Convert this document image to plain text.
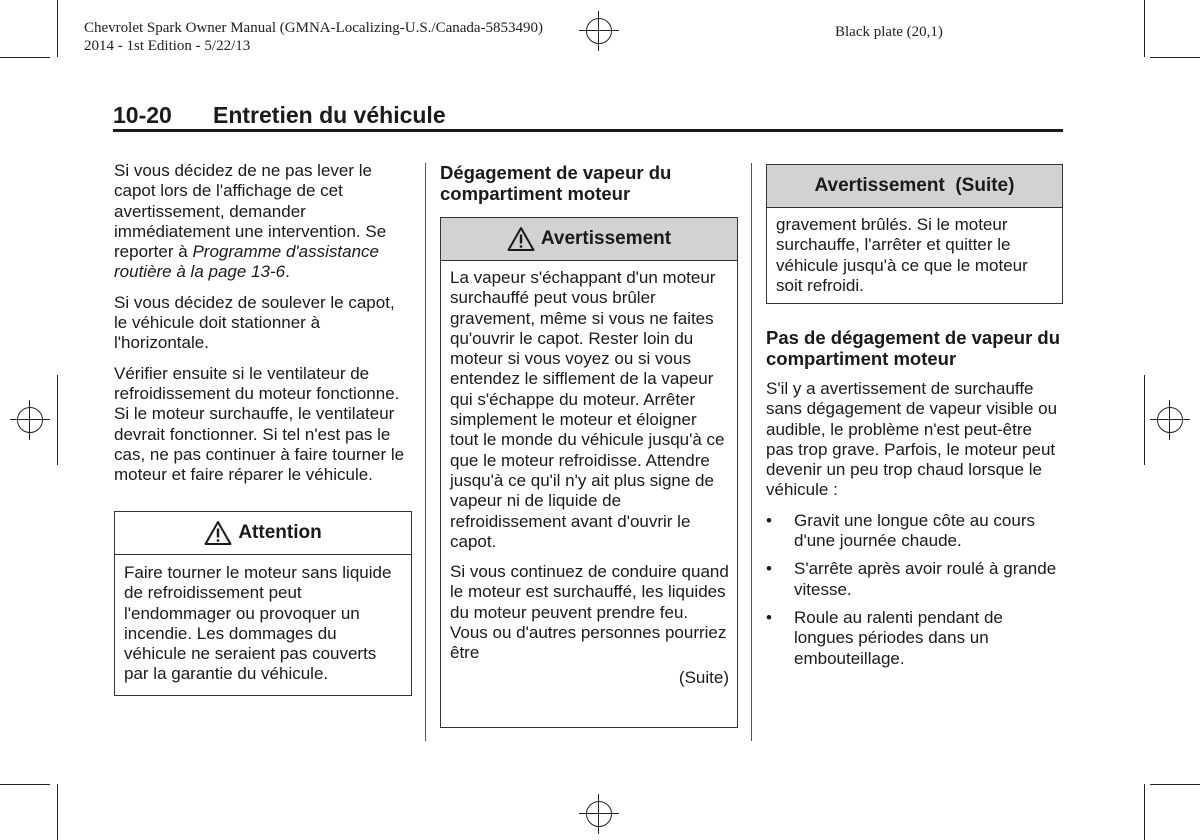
Chevrolet Spark Owner Manual (GMNA-Localizing-U.S./Canada-5853490)
2014 - 1st Edition - 5/22/13
Black plate (20,1)
10-20 Entretien du véhicule

Si vous décidez de ne pas lever le capot lors de l'affichage de cet avertissement, demander immédiatement une intervention. Se reporter à Programme d'assistance routière à la page 13-6.

Si vous décidez de soulever le capot, le véhicule doit stationner à l'horizontale.

Vérifier ensuite si le ventilateur de refroidissement du moteur fonctionne. Si le moteur surchauffe, le ventilateur devrait fonctionner. Si tel n'est pas le cas, ne pas continuer à faire tourner le moteur et faire réparer le véhicule.

Attention

Faire tourner le moteur sans liquide de refroidissement peut l'endommager ou provoquer un incendie. Les dommages du véhicule ne seraient pas couverts par la garantie du véhicule.

Dégagement de vapeur du compartiment moteur
Avertissement

La vapeur s'échappant d'un moteur surchauffé peut vous brûler gravement, même si vous ne faites qu'ouvrir le capot. Rester loin du moteur si vous voyez ou si vous entendez le sifflement de la vapeur qui s'échappe du moteur. Arrêter simplement le moteur et éloigner tout le monde du véhicule jusqu'à ce que le moteur refroidisse. Attendre jusqu'à ce qu'il n'y ait plus signe de vapeur ni de liquide de refroidissement avant d'ouvrir le capot.

Si vous continuez de conduire quand le moteur est surchauffé, les liquides du moteur peuvent prendre feu. Vous ou d'autres personnes pourriez être

(Suite)
Avertissement  (Suite)

gravement brûlés. Si le moteur surchauffe, l'arrêter et quitter le véhicule jusqu'à ce que le moteur soit refroidi.

Pas de dégagement de vapeur du compartiment moteur

S'il y a avertissement de surchauffe sans dégagement de vapeur visible ou audible, le problème n'est peut-être pas trop grave. Parfois, le moteur peut devenir un peu trop chaud lorsque le véhicule :

• Gravit une longue côte au cours d'une journée chaude.
• S'arrête après avoir roulé à grande vitesse.
• Roule au ralenti pendant de longues périodes dans un embouteillage.
